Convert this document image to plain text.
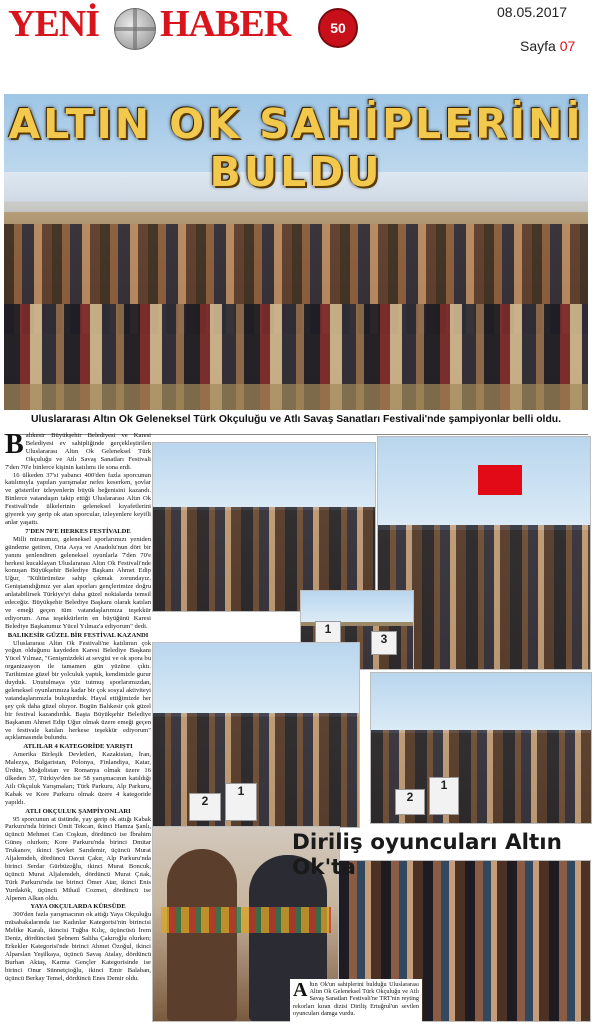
YENİ HABER	50
08.05.2017
Sayfa 07
ALTIN OK SAHİPLERİNİ BULDU
Uluslararası Altın Ok Geleneksel Türk Okçuluğu ve Atlı Savaş Sanatları Festivali'nde şampiyonlar belli oldu.

Balıkesir Büyükşehir Belediyesi ve Karesi Belediyesi ev sahipliğinde gerçekleştirilen Uluslararası Altın Ok Geleneksel Türk Okçuluğu ve Atlı Savaş Sanatları Festivali 7'den 70'e binlerce kişinin katılımı ile sona erdi.

16 ülkeden 37'si yabancı 400'den fazla sporcunun katılımıyla yapılan yarışmalar nefes keserken, şovlar ve gösteriler izleyenlerin büyük beğenisini kazandı. Binlerce vatandaşın takip ettiği Uluslararası Altın Ok Festivali'nde ülkelerinin geleneksel kıyafetlerini giyerek yay gerip ok atan sporcular, izleyenlere keyifli anlar yaşattı.

7'DEN 70'E HERKES FESTİVALDE

Milli mirasımızı, geleneksel sporlarımızı yeniden gündeme getiren, Orta Asya ve Anadolu'nun dört bir yanını şenlendiren geleneksel oyunlarla 7'den 70'e herkesi kucaklayan Uluslararası Altın Ok Festivali'nde konuşan Büyükşehir Belediye Başkanı Ahmet Edip Uğur, "Kültürümüze sahip çıkmak zorundayız. Geniştanıdığımız yer alan sporları gençlerimize doğru anlatabilirsek Türkiye'yi daha güzel noktalarda temsil edeceğiz. Büyükşehir Belediye Başkanı olarak katılan ve emeği geçen tüm vatandaşlarımıza teşekkür ediyorum. Ama teşekkürlerin en büyüğünü Karesi Belediye Başkanımız Yücel Yılmaz'a ediyorum" dedi.

BALIKESİR GÜZEL BİR FESTİVAL KAZANDI

Uluslararası Altın Ok Festivali'ne katılımın çok yoğun olduğunu kaydeden Karesi Belediye Başkanı Yücel Yılmaz, "Genişmizdeki at sevgisi ve ok spora bu organizasyon ile tamamen gün yüzüne çıktı. Tarihimize güzel bir yolculuk yaptık, kendimizle gurur duyduk. Unutulmaya yüz tutmuş sporlarımızdan, geleneksel oyunlarımıza kadar bir çok sosyal aktiviteyi vatandaşlarımızla buluşturduk. Hayal ettiğimizde her şey çok daha güzel oluyor. Bugün Balıkesir çok güzel bir festival kazandırdık. Başta Büyükşehir Belediye Başkanım Ahmet Edip Uğur olmak üzere emeği geçen ve festivale katılan herkese teşekkür ediyorum" açıklamasında bulundu.

ATLILAR 4 KATEGORİDE YARIŞTI

Amerika Birleşik Devletleri, Kazakistan, İran, Malezya, Bulgaristan, Polonya, Finlandiya, Katar, Ürdün, Moğolistan ve Romanya olmak üzere 16 ülkeden 37, Türkiye'den ise 58 yarışmacının katıldığı Atlı Okçuluk Yarışmaları; Türk Parkuru, Alp Parkuru, Kabak ve Kore Parkuru olmak üzere 4 kategoride yapıldı.

ATLI OKÇULUK ŞAMPİYONLARI

95 sporcunun at üstünde, yay gerip ok attığı Kabak Parkuru'nda birinci Ümit Tekcan, ikinci Hamza Şanlı, üçüncü Mehmet Can Coşkun, dördüncü ise İbrahim Güneş olurken; Kore Parkuru'nda birinci Dmitar Trukanov, ikinci Şevket Sarıdemir, üçüncü Murat Aljalemdeh, dördüncü Davut Çakır, Alp Parkuru'nda birinci Serdar Gürbüzoğlu, ikinci Murat Boncuk, üçüncü Murat Aljalemdeh, dördüncü Murat Çıtak, Türk Parkuru'nda ise birinci Ömer Atar, ikinci Enis Yurdakök, üçüncü Mihail Cozmei, dördüncü ise Alperen Alkan oldu.

YAYA OKÇULARDA KÜRSÜDE

300'den fazla yarışmacının ok attığı Yaya Okçuluğu müsabakalarında ise Kadınlar Kategorisi'nin birincisi Melike Karalı, ikincisi Tuğba Kılıç, üçüncüsü İrem Deniz, dördüncüsü Şebnem Saliha Çakıroğlu olurken; Erkekler Kategorisi'nde birinci Ahmet Özoğul, ikinci Alparslan Yeşilkaya, üçüncü Savaş Atalay, dördüncü Burhan Aktaş, Karma Gençler Kategorisinde ise birinci Onur Sünnetçioğlu, ikinci Emir Balaban, üçüncü Berkay Temel, dördüncü Enes Demir oldu.

1
3
2
1	2
1
Diriliş oyuncuları Altın Ok'ta
Altın Ok'un sahiplerini bulduğu Uluslararası Altın Ok Geleneksel Türk Okçuluğu ve Atlı Savaş Sanatları Festivali'ne TRT'nin reyting rekorları kıran dizisi Diriliş Ertuğrul'un sevilen oyuncuları damga vurdu.
